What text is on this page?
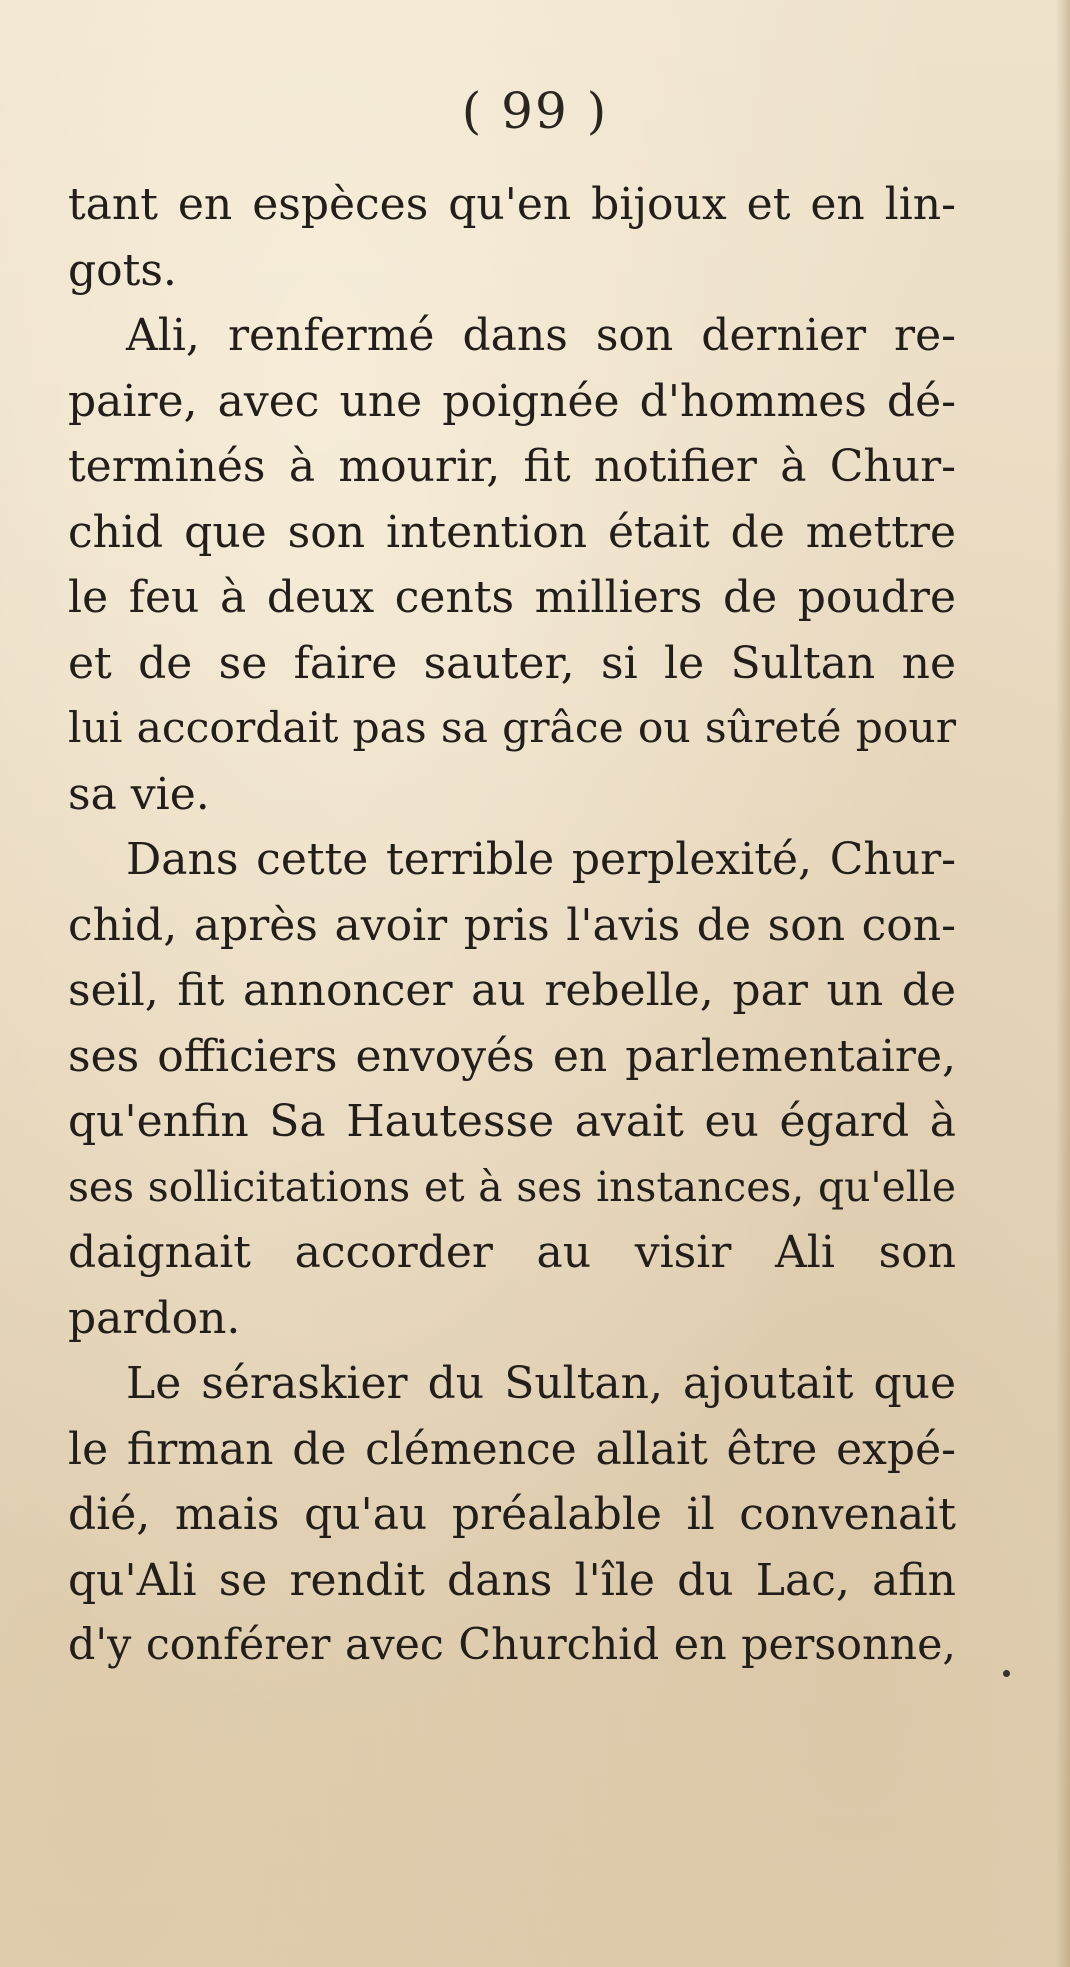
( 99 )

tant en espèces qu'en bijoux et en lin-
gots.

Ali, renfermé dans son dernier re-
paire, avec une poignée d'hommes dé-
terminés à mourir, fit notifier à Chur-
chid que son intention était de mettre
le feu à deux cents milliers de poudre
et de se faire sauter, si le Sultan ne
lui accordait pas sa grâce ou sûreté pour
sa vie.

Dans cette terrible perplexité, Chur-
chid, après avoir pris l'avis de son con-
seil, fit annoncer au rebelle, par un de
ses officiers envoyés en parlementaire,
qu'enfin Sa Hautesse avait eu égard à
ses sollicitations et à ses instances, qu'elle
daignait accorder au visir Ali son
pardon.

Le séraskier du Sultan, ajoutait que
le firman de clémence allait être expé-
dié, mais qu'au préalable il convenait
qu'Ali se rendit dans l'île du Lac, afin
d'y conférer avec Churchid en personne,
